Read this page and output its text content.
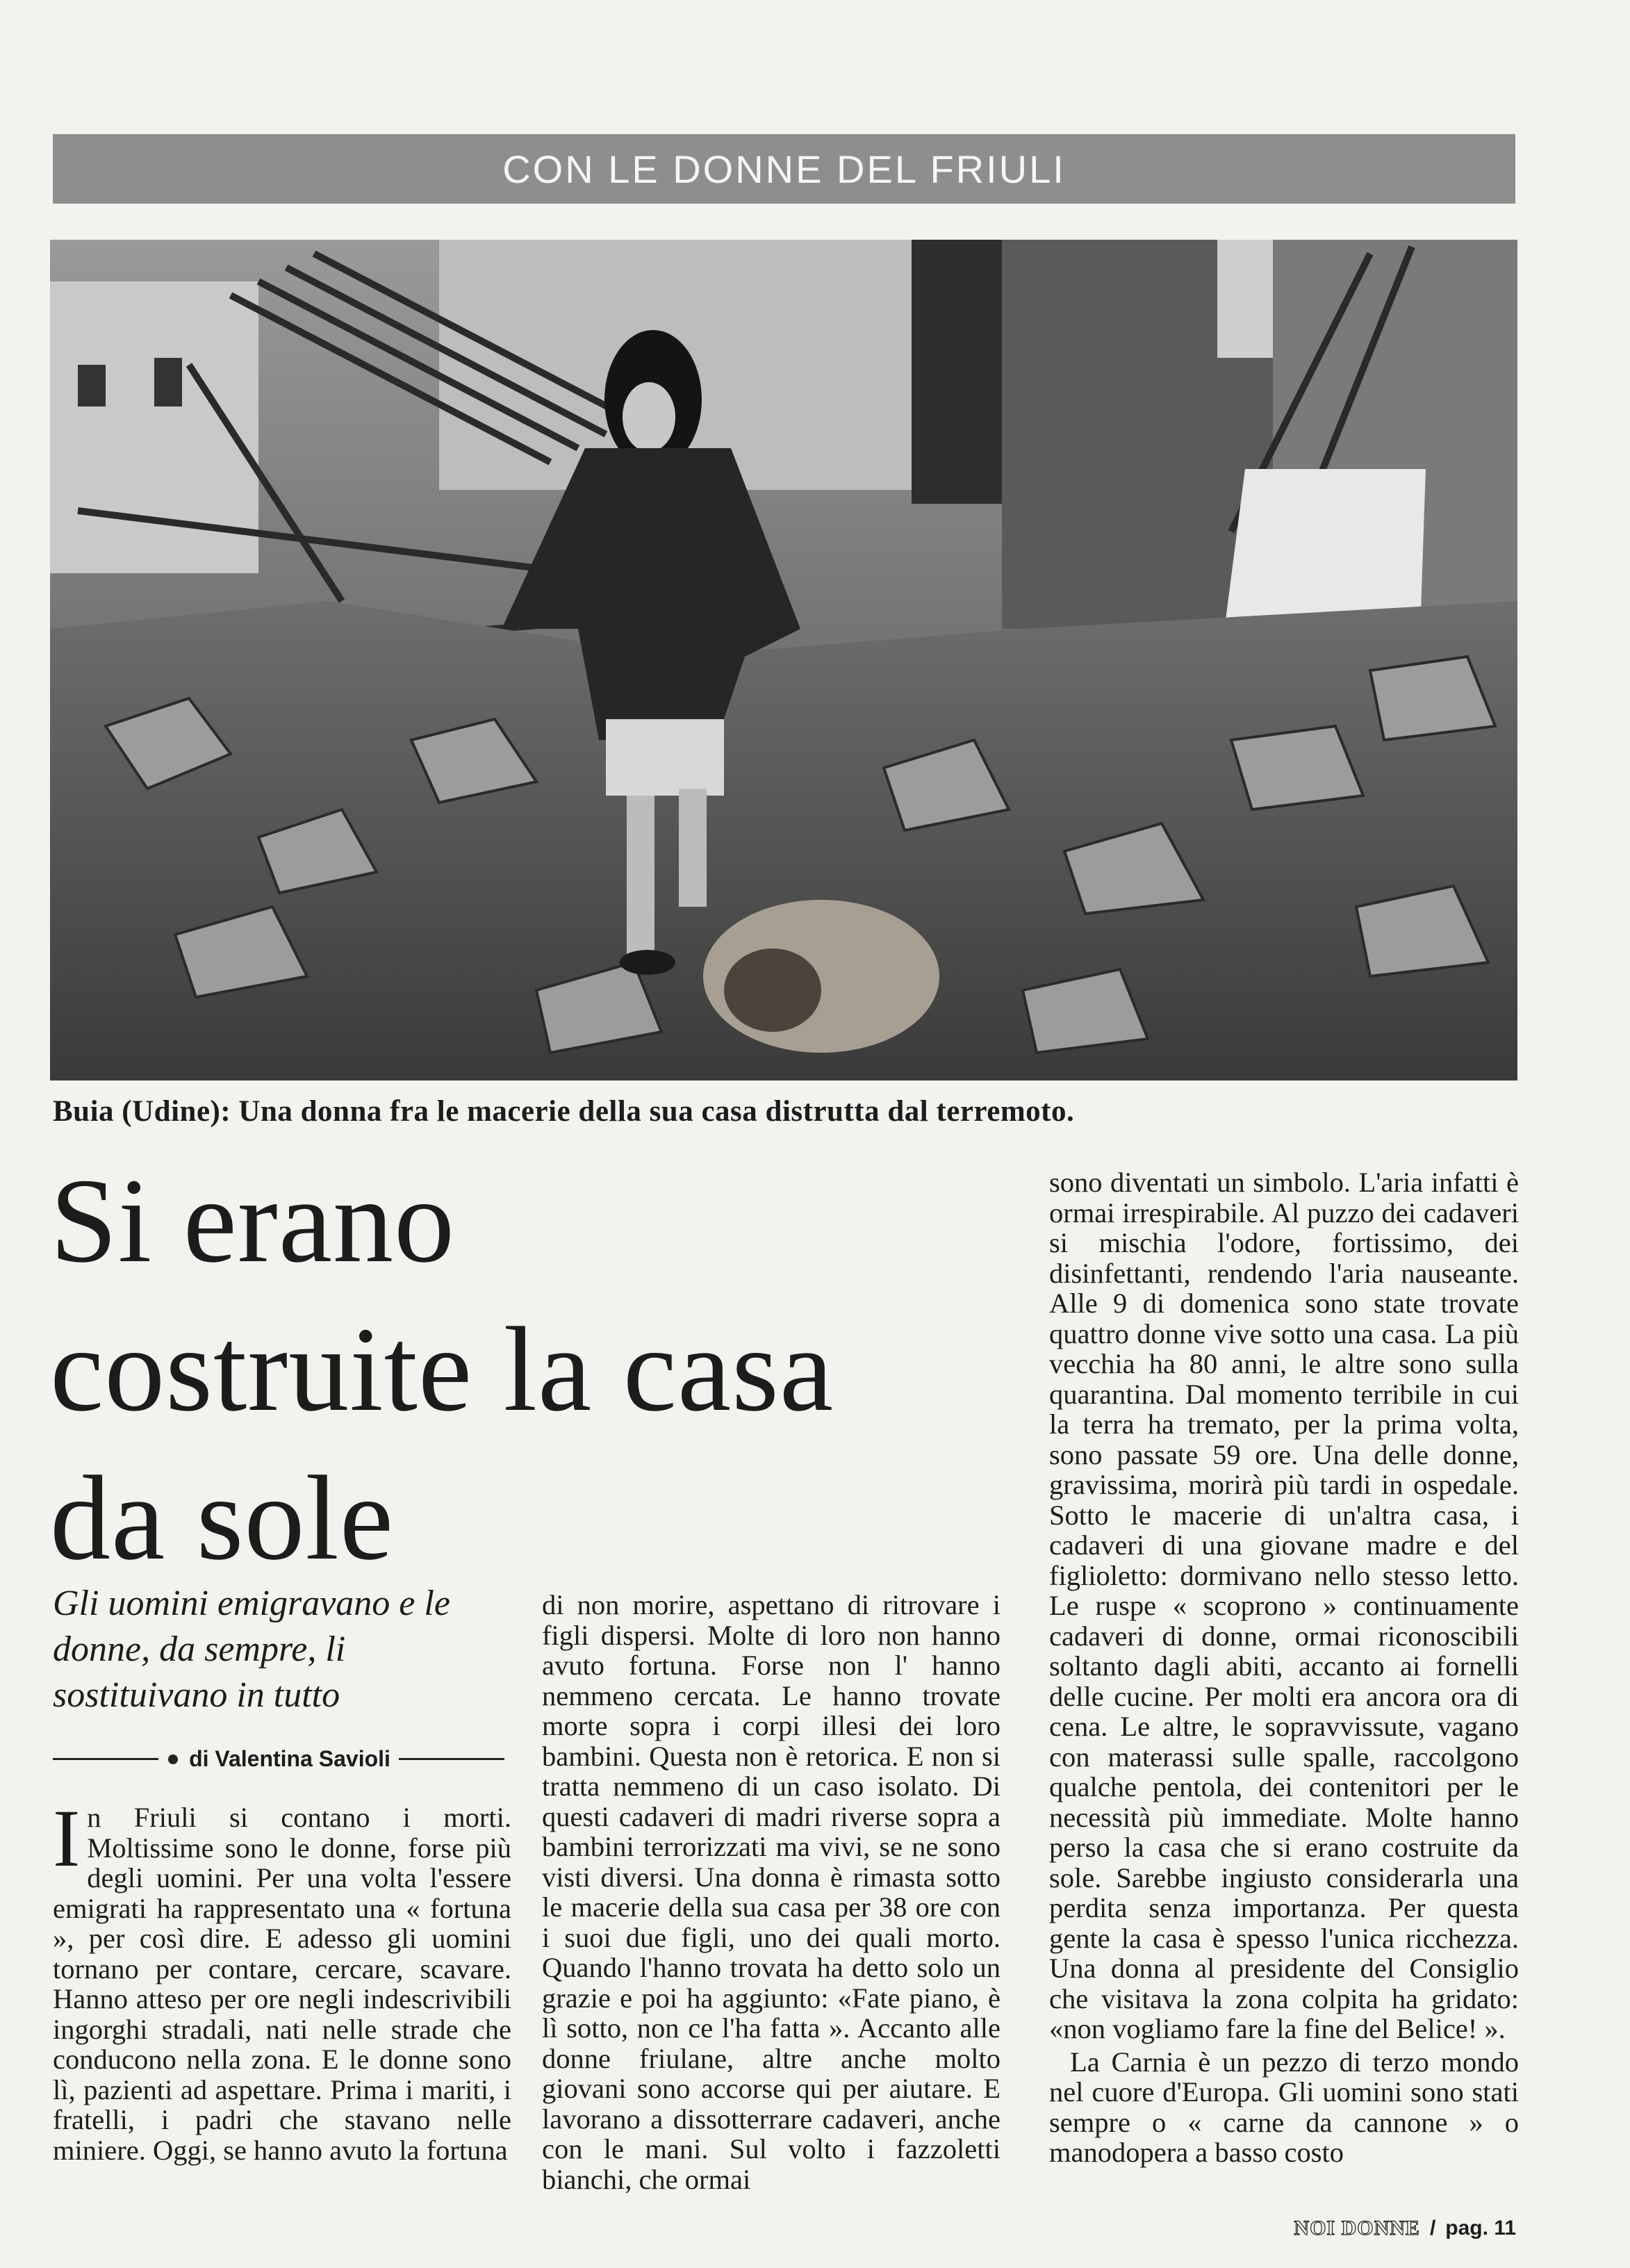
CON LE DONNE DEL FRIULI
Buia (Udine): Una donna fra le macerie della sua casa distrutta dal terremoto.
Si erano
costruite la casa
da sole
Gli uomini emigravano e le donne, da sempre, li sostituivano in tutto
di Valentina Savioli

In Friuli si contano i morti. Moltissime sono le donne, forse più degli uomini. Per una volta l'essere emigrati ha rappresentato una « fortuna », per così dire. E adesso gli uomini tornano per contare, cercare, scavare. Hanno atteso per ore negli indescrivibili ingorghi stradali, nati nelle strade che conducono nella zona. E le donne sono lì, pazienti ad aspettare. Prima i mariti, i fratelli, i padri che stavano nelle miniere. Oggi, se hanno avuto la fortuna

di non morire, aspettano di ritrovare i figli dispersi. Molte di loro non hanno avuto fortuna. Forse non l' hanno nemmeno cercata. Le hanno trovate morte sopra i corpi illesi dei loro bambini. Questa non è retorica. E non si tratta nemmeno di un caso isolato. Di questi cadaveri di madri riverse sopra a bambini terrorizzati ma vivi, se ne sono visti diversi. Una donna è rimasta sotto le macerie della sua casa per 38 ore con i suoi due figli, uno dei quali morto. Quando l'hanno trovata ha detto solo un grazie e poi ha aggiunto: «Fate piano, è lì sotto, non ce l'ha fatta ». Accanto alle donne friulane, altre anche molto giovani sono accorse qui per aiutare. E lavorano a dissotterrare cadaveri, anche con le mani. Sul volto i fazzoletti bianchi, che ormai

sono diventati un simbolo. L'aria infatti è ormai irrespirabile. Al puzzo dei cadaveri si mischia l'odore, fortissimo, dei disinfettanti, rendendo l'aria nauseante. Alle 9 di domenica sono state trovate quattro donne vive sotto una casa. La più vecchia ha 80 anni, le altre sono sulla quarantina. Dal momento terribile in cui la terra ha tremato, per la prima volta, sono passate 59 ore. Una delle donne, gravissima, morirà più tardi in ospedale. Sotto le macerie di un'altra casa, i cadaveri di una giovane madre e del figlioletto: dormivano nello stesso letto. Le ruspe « scoprono » continuamente cadaveri di donne, ormai riconoscibili soltanto dagli abiti, accanto ai fornelli delle cucine. Per molti era ancora ora di cena. Le altre, le sopravvissute, vagano con materassi sulle spalle, raccolgono qualche pentola, dei contenitori per le necessità più immediate. Molte hanno perso la casa che si erano costruite da sole. Sarebbe ingiusto considerarla una perdita senza importanza. Per questa gente la casa è spesso l'unica ricchezza. Una donna al presidente del Consiglio che visitava la zona colpita ha gridato: «non vogliamo fare la fine del Belice! ».

La Carnia è un pezzo di terzo mondo nel cuore d'Europa. Gli uomini sono stati sempre o « carne da cannone » o manodopera a basso costo

NOI DONNE / pag. 11
